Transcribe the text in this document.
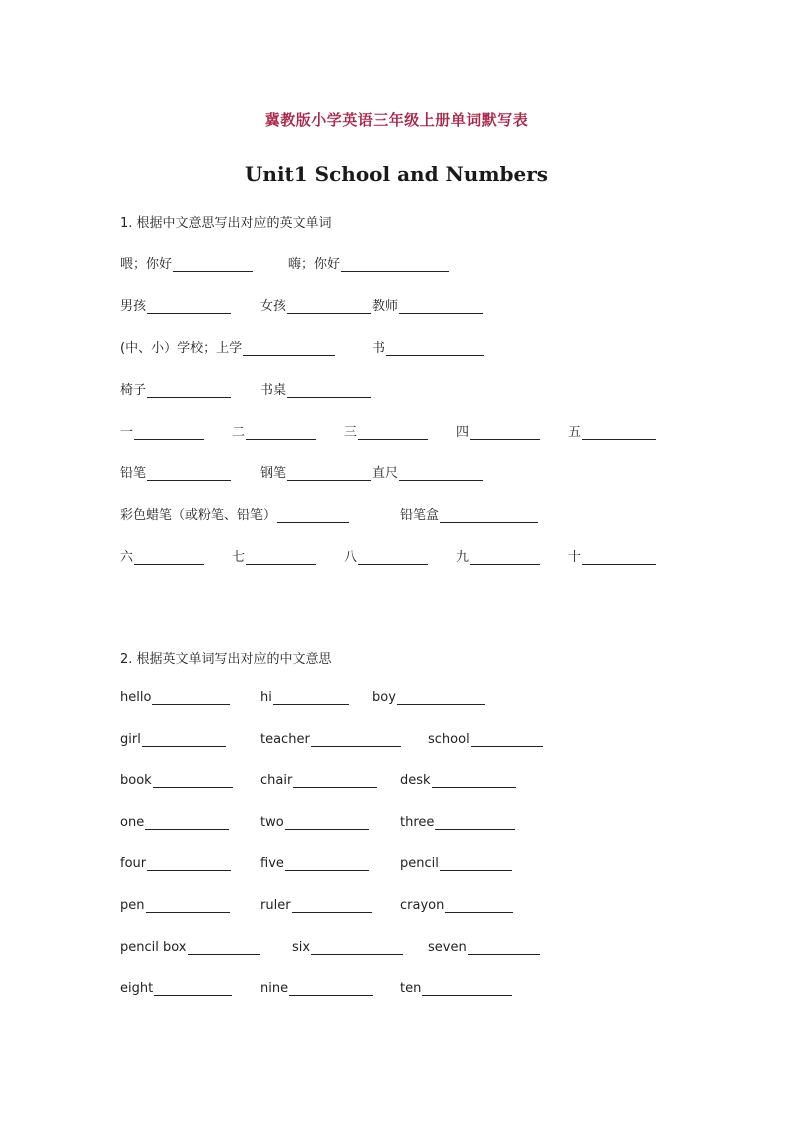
冀教版小学英语三年级上册单词默写表
Unit1 School and Numbers
1. 根据中文意思写出对应的英文单词
喂；你好	嗨；你好
男孩	女孩	教师
(中、小）学校；上学	书
椅子	书桌
一	二	三	四	五
铅笔	钢笔	直尺
彩色蜡笔（或粉笔、铅笔）	铅笔盒
六	七	八	九	十
2. 根据英文单词写出对应的中文意思
hello	hi	boy
girl	teacher	school
book	chair	desk
one	two	three
four	five	pencil
pen	ruler	crayon
pencil box	six	seven
eight	nine	ten
